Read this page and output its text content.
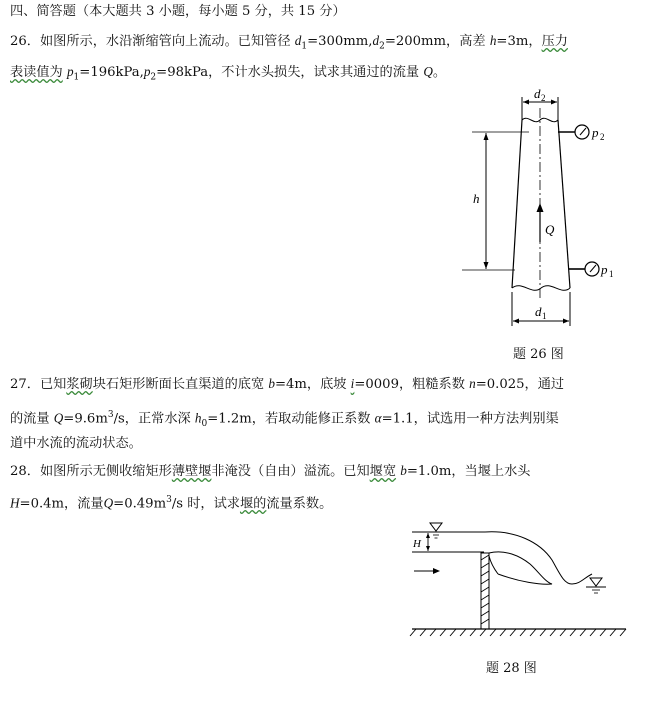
四、简答题（本大题共 3 小题，每小题 5 分，共 15 分）
26．如图所示，水沿渐缩管向上流动。已知管径 $d_1=300mm,d_2=200mm$，高差 h=3m，压力
表读值为 $p_1=196kPa,p_2=98kPa$，不计水头损失，试求其通过的流量 Q。
d 2
Q
h
p 2
p 1
d 1
题 26 图
27．已知浆砌块石矩形断面长直渠道的底宽 b=4m，底坡 i=0009，粗糙系数 n=0.025，通过
的流量 $Q=9.6m^3/s$，正常水深 $h_0=1.2m$，若取动能修正系数 α=1.1，试选用一种方法判别渠
道中水流的流动状态。
28．如图所示无侧收缩矩形薄壁堰非淹没（自由）溢流。已知堰宽 b=1.0m，当堰上水头
H=0.4m，流量$Q=0.49m^3/s$ 时，试求堰的流量系数。
H
题 28 图
